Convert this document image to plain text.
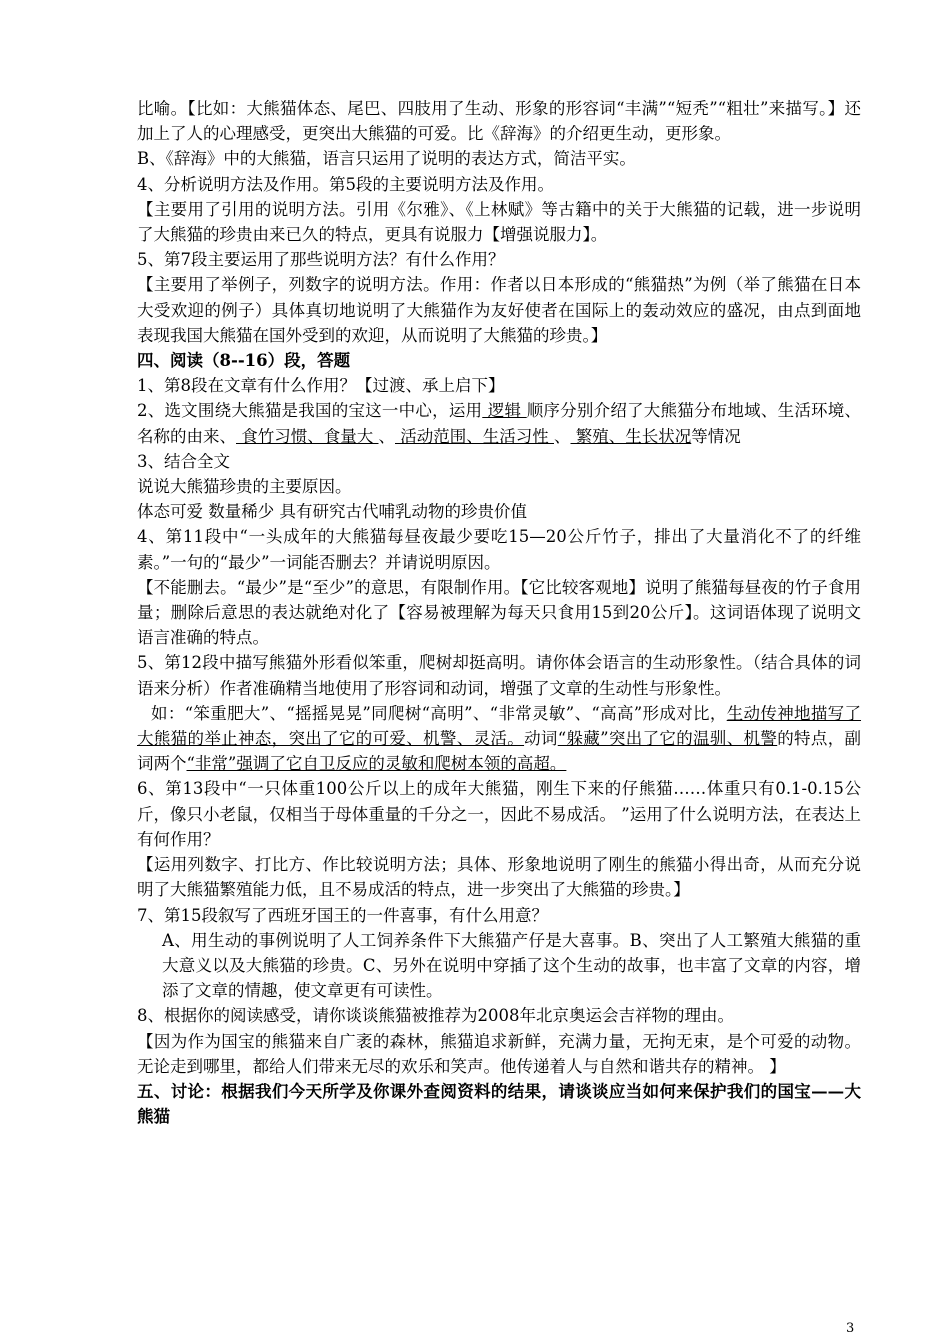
比喻。【比如：大熊猫体态、尾巴、四肢用了生动、形象的形容词“丰满”“短秃”“粗壮”来描写。】还加上了人的心理感受，更突出大熊猫的可爱。比《辞海》的介绍更生动，更形象。

B、《辞海》中的大熊猫，语言只运用了说明的表达方式，简洁平实。

4、分析说明方法及作用。第5段的主要说明方法及作用。

【主要用了引用的说明方法。引用《尔雅》、《上林赋》等古籍中的关于大熊猫的记载，进一步说明了大熊猫的珍贵由来已久的特点，更具有说服力【增强说服力】。

5、第7段主要运用了那些说明方法？有什么作用？

【主要用了举例子，列数字的说明方法。作用：作者以日本形成的“熊猫热”为例（举了熊猫在日本大受欢迎的例子）具体真切地说明了大熊猫作为友好使者在国际上的轰动效应的盛况，由点到面地表现我国大熊猫在国外受到的欢迎，从而说明了大熊猫的珍贵。】

四、阅读（8--16）段，答题

1、第8段在文章有什么作用？【过渡、承上启下】

2、选文围绕大熊猫是我国的宝这一中心，运用 逻辑 顺序分别介绍了大熊猫分布地域、生活环境、名称的由来、 食竹习惯、食量大 、 活动范围、生活习性 、 繁殖、生长状况等情况

3、结合全文

说说大熊猫珍贵的主要原因。

体态可爱 数量稀少 具有研究古代哺乳动物的珍贵价值

4、第11段中“一头成年的大熊猫每昼夜最少要吃15—20公斤竹子，排出了大量消化不了的纤维素。”一句的“最少”一词能否删去？并请说明原因。

【不能删去。“最少”是“至少”的意思，有限制作用。【它比较客观地】说明了熊猫每昼夜的竹子食用量；删除后意思的表达就绝对化了【容易被理解为每天只食用15到20公斤】。这词语体现了说明文语言准确的特点。

5、第12段中描写熊猫外形看似笨重，爬树却挺高明。请你体会语言的生动形象性。（结合具体的词语来分析）作者准确精当地使用了形容词和动词，增强了文章的生动性与形象性。

如：“笨重肥大”、“摇摇晃晃”同爬树“高明”、“非常灵敏”、“高高”形成对比，生动传神地描写了大熊猫的举止神态，突出了它的可爱、机警、灵活。动词“躲藏”突出了它的温驯、机警的特点，副词两个“非常”强调了它自卫反应的灵敏和爬树本领的高超。

6、第13段中“一只体重100公斤以上的成年大熊猫，刚生下来的仔熊猫……体重只有0.1-0.15公斤，像只小老鼠，仅相当于母体重量的千分之一，因此不易成活。 ”运用了什么说明方法，在表达上有何作用？

【运用列数字、打比方、作比较说明方法；具体、形象地说明了刚生的熊猫小得出奇，从而充分说明了大熊猫繁殖能力低，且不易成活的特点，进一步突出了大熊猫的珍贵。】

7、第15段叙写了西班牙国王的一件喜事，有什么用意？

A、用生动的事例说明了人工饲养条件下大熊猫产仔是大喜事。B、突出了人工繁殖大熊猫的重大意义以及大熊猫的珍贵。C、另外在说明中穿插了这个生动的故事，也丰富了文章的内容，增添了文章的情趣，使文章更有可读性。

8、根据你的阅读感受，请你谈谈熊猫被推荐为2008年北京奥运会吉祥物的理由。

【因为作为国宝的熊猫来自广袤的森林，熊猫追求新鲜，充满力量，无拘无束，是个可爱的动物。无论走到哪里，都给人们带来无尽的欢乐和笑声。他传递着人与自然和谐共存的精神。 】

五、讨论：根据我们今天所学及你课外查阅资料的结果，请谈谈应当如何来保护我们的国宝——大熊猫

3
